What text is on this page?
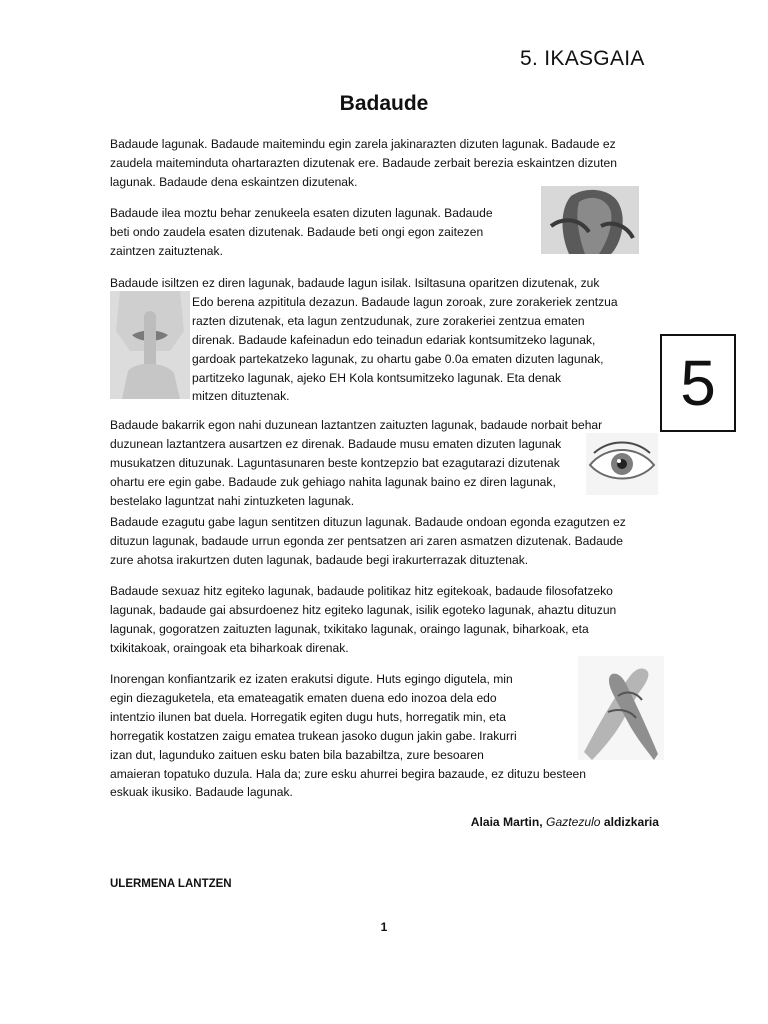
5. IKASGAIA
Badaude

Badaude lagunak. Badaude maitemindu egin zarela jakinarazten dizuten lagunak. Badaude ez
zaudela maiteminduta ohartarazten dizutenak ere. Badaude zerbait berezia eskaintzen dizuten
lagunak. Badaude dena eskaintzen dizutenak.

Badaude ilea moztu behar zenukeela esaten dizuten lagunak. Badaude
beti ondo zaudela esaten dizutenak. Badaude beti ongi egon zaitezen
zaintzen zaituztenak.

Badaude isiltzen ez diren lagunak, badaude lagun isilak. Isiltasuna oparitzen dizutenak, zuk
Edo berena azpititula dezazun. Badaude lagun zoroak, zure zorakeriek zentzua
razten dizutenak, eta lagun zentzudunak, zure zorakeriei zentzua ematen
direnak. Badaude kafeinadun edo teinadun edariak kontsumitzeko lagunak,
gardoak partekatzeko lagunak, zu ohartu gabe 0.0a ematen dizuten lagunak,
partitzeko lagunak, ajeko EH Kola kontsumitzeko lagunak. Eta denak
mitzen dituztenak.	5

Badaude bakarrik egon nahi duzunean laztantzen zaituzten lagunak, badaude norbait behar
duzunean laztantzera ausartzen ez direnak. Badaude musu ematen dizuten lagunak
musukatzen dituzunak. Laguntasunaren beste kontzepzio bat ezagutarazi dizutenak
ohartu ere egin gabe. Badaude zuk gehiago nahita lagunak baino ez diren lagunak,
bestelako laguntzat nahi zintuzketen lagunak.

Badaude ezagutu gabe lagun sentitzen dituzun lagunak. Badaude ondoan egonda ezagutzen ez
dituzun lagunak, badaude urrun egonda zer pentsatzen ari zaren asmatzen dizutenak. Badaude
zure ahotsa irakurtzen duten lagunak, badaude begi irakurterrazak dituztenak.

Badaude sexuaz hitz egiteko lagunak, badaude politikaz hitz egitekoak, badaude filosofatzeko
lagunak, badaude gai absurdoenez hitz egiteko lagunak, isilik egoteko lagunak, ahaztu dituzun
lagunak, gogoratzen zaituzten lagunak, txikitako lagunak, oraingo lagunak, biharkoak, eta
txikitakoak, oraingoak eta biharkoak direnak.

Inorengan konfiantzarik ez izaten erakutsi digute. Huts egingo digutela, min
egin diezaguketela, eta emateagatik ematen duena edo inozoa dela edo
intentzio ilunen bat duela. Horregatik egiten dugu huts, horregatik min, eta
horregatik kostatzen zaigu ematea trukean jasoko dugun jakin gabe. Irakurri
izan dut, lagunduko zaituen esku baten bila bazabiltza, zure besoaren
amaieran topatuko duzula. Hala da; zure esku ahurrei begira bazaude, ez dituzu besteen
eskuak ikusiko. Badaude lagunak.

Alaia Martin, Gaztezulo aldizkaria
ULERMENA LANTZEN
1
